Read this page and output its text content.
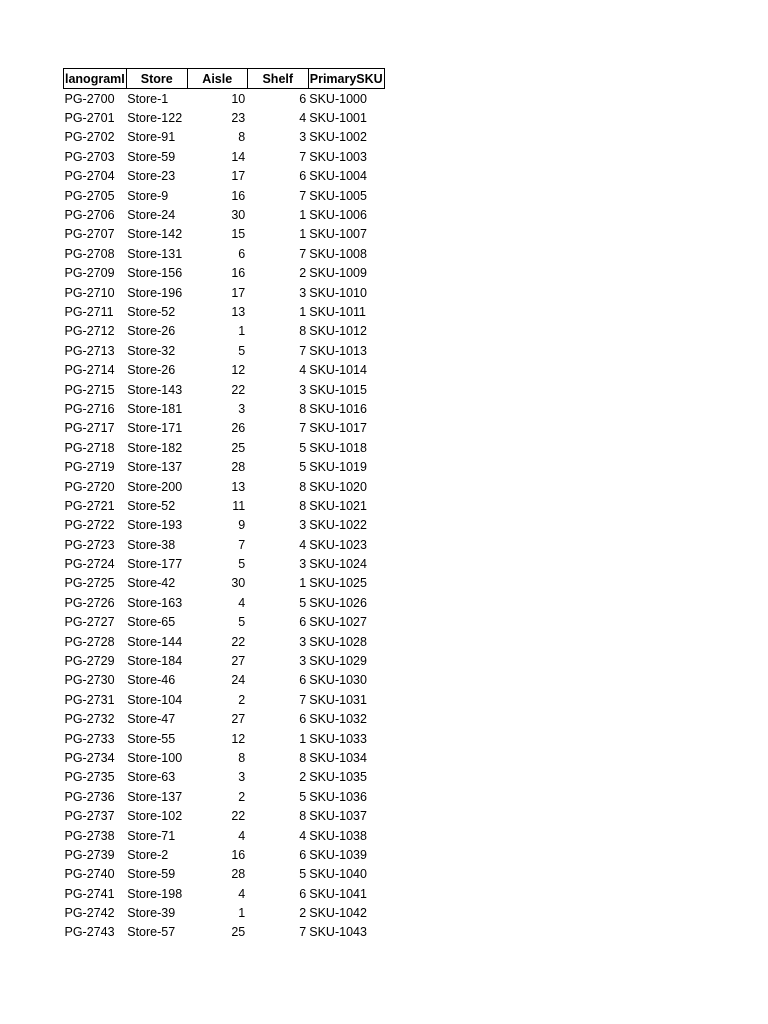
lanogramI	Store	Aisle	Shelf	PrimarySKU
PG-2700	Store-1	10	6	SKU-1000
PG-2701	Store-122	23	4	SKU-1001
PG-2702	Store-91	8	3	SKU-1002
PG-2703	Store-59	14	7	SKU-1003
PG-2704	Store-23	17	6	SKU-1004
PG-2705	Store-9	16	7	SKU-1005
PG-2706	Store-24	30	1	SKU-1006
PG-2707	Store-142	15	1	SKU-1007
PG-2708	Store-131	6	7	SKU-1008
PG-2709	Store-156	16	2	SKU-1009
PG-2710	Store-196	17	3	SKU-1010
PG-2711	Store-52	13	1	SKU-1011
PG-2712	Store-26	1	8	SKU-1012
PG-2713	Store-32	5	7	SKU-1013
PG-2714	Store-26	12	4	SKU-1014
PG-2715	Store-143	22	3	SKU-1015
PG-2716	Store-181	3	8	SKU-1016
PG-2717	Store-171	26	7	SKU-1017
PG-2718	Store-182	25	5	SKU-1018
PG-2719	Store-137	28	5	SKU-1019
PG-2720	Store-200	13	8	SKU-1020
PG-2721	Store-52	11	8	SKU-1021
PG-2722	Store-193	9	3	SKU-1022
PG-2723	Store-38	7	4	SKU-1023
PG-2724	Store-177	5	3	SKU-1024
PG-2725	Store-42	30	1	SKU-1025
PG-2726	Store-163	4	5	SKU-1026
PG-2727	Store-65	5	6	SKU-1027
PG-2728	Store-144	22	3	SKU-1028
PG-2729	Store-184	27	3	SKU-1029
PG-2730	Store-46	24	6	SKU-1030
PG-2731	Store-104	2	7	SKU-1031
PG-2732	Store-47	27	6	SKU-1032
PG-2733	Store-55	12	1	SKU-1033
PG-2734	Store-100	8	8	SKU-1034
PG-2735	Store-63	3	2	SKU-1035
PG-2736	Store-137	2	5	SKU-1036
PG-2737	Store-102	22	8	SKU-1037
PG-2738	Store-71	4	4	SKU-1038
PG-2739	Store-2	16	6	SKU-1039
PG-2740	Store-59	28	5	SKU-1040
PG-2741	Store-198	4	6	SKU-1041
PG-2742	Store-39	1	2	SKU-1042
PG-2743	Store-57	25	7	SKU-1043
